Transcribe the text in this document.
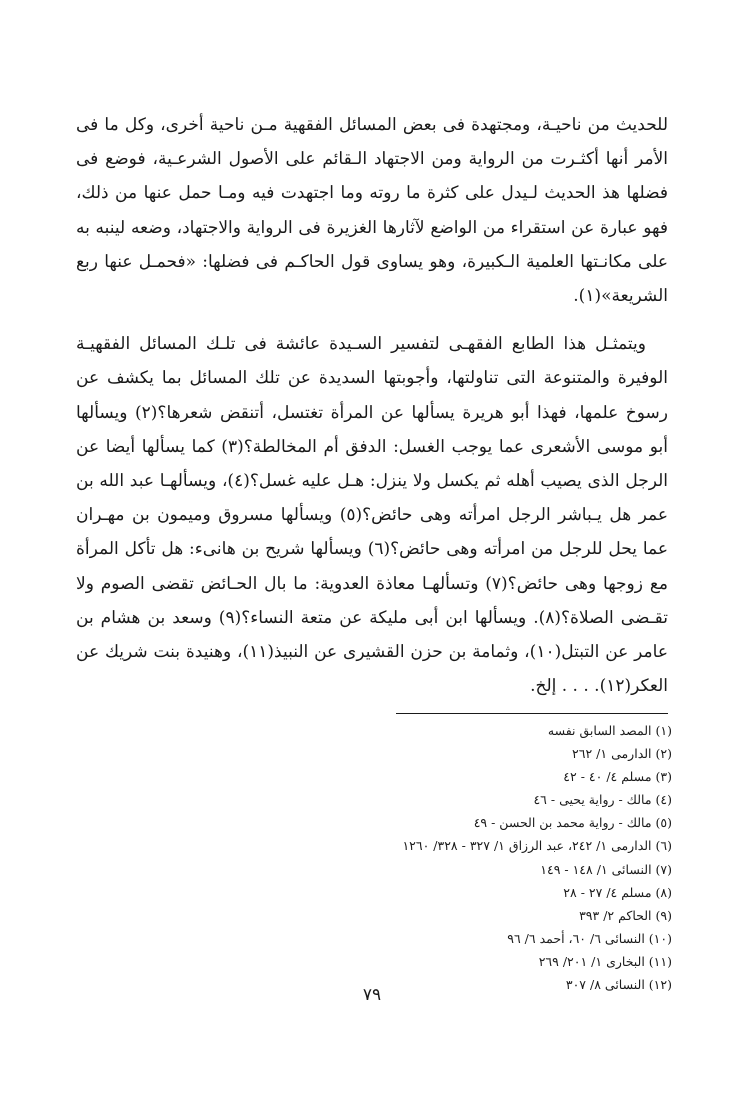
للحديث من ناحيـة، ومجتهدة فى بعض المسائل الفقهية مـن ناحية أخرى، وكل ما فى الأمر أنها أكثـرت من الرواية ومن الاجتهاد الـقائم على الأصول الشرعـية، فوضع فى فضلها هذ الحديث لـيدل على كثرة ما روته وما اجتهدت فيه ومـا حمل عنها من ذلك، فهو عبارة عن استقراء من الواضع لآثارها الغزيرة فى الرواية والاجتهاد، وضعه لينبه به على مكانـتها العلمية الـكبيرة، وهو يساوى قول الحاكـم فى فضلها: «فحمـل عنها ربع الشريعة»(١).

ويتمثـل هذا الطابع الفقهـى لتفسير السـيدة عائشة فى تلـك المسائل الفقهيـة الوفيرة والمتنوعة التى تناولتها، وأجوبتها السديدة عن تلك المسائل بما يكشف عن رسوخ علمها، فهذا أبو هريرة يسألها عن المرأة تغتسل، أتنقض شعرها؟(٢) ويسألها أبو موسى الأشعرى عما يوجب الغسل: الدفق أم المخالطة؟(٣) كما يسألها أيضا عن الرجل الذى يصيب أهله ثم يكسل ولا ينزل: هـل عليه غسل؟(٤)، ويسألهـا عبد الله بن عمر هل يـباشر الرجل امرأته وهى حائض؟(٥) ويسألها مسروق وميمون بن مهـران عما يحل للرجل من امرأته وهى حائض؟(٦) ويسألها شريح بن هانىء: هل تأكل المرأة مع زوجها وهى حائض؟(٧) وتسألهـا معاذة العدوية: ما بال الحـائض تقضى الصوم ولا تقـضى الصلاة؟(٨). ويسألها ابن أبى مليكة عن متعة النساء؟(٩) وسعد بن هشام بن عامر عن التبتل(١٠)، وثمامة بن حزن القشيرى عن النبيذ(١١)، وهنيدة بنت شريك عن العكر(١٢). . . . إلخ.

(١) المصد السابق نفسه
(٢) الدارمى ١/ ٢٦٢
(٣) مسلم ٤/ ٤٠ - ٤٢
(٤) مالك - رواية يحيى - ٤٦
(٥) مالك - رواية محمد بن الحسن - ٤٩
(٦) الدارمى ١/ ٢٤٢، عبد الرزاق ١/ ٣٢٧ - ٣٢٨/ ١٢٦٠
(٧) النسائى ١/ ١٤٨ - ١٤٩
(٨) مسلم ٤/ ٢٧ - ٢٨
(٩) الحاكم ٢/ ٣٩٣
(١٠) النسائى ٦/ ٦٠، أحمد ٦/ ٩٦
(١١) البخارى ١/ ٢٠١/ ٢٦٩
(١٢) النسائى ٨/ ٣٠٧
٧٩
